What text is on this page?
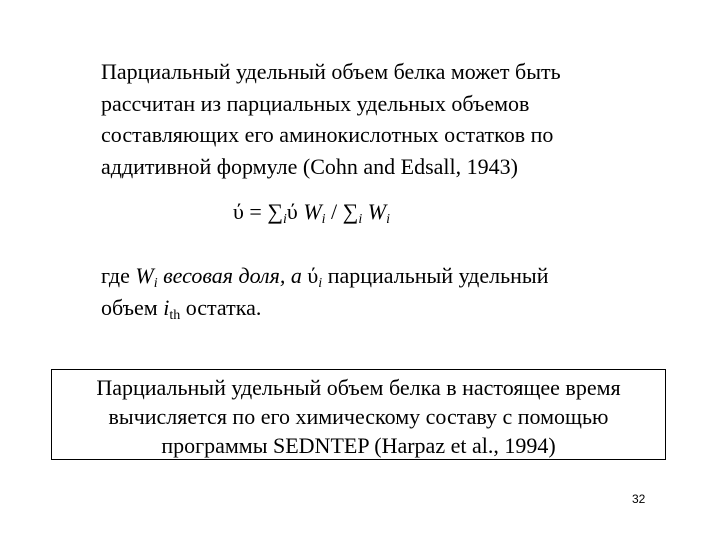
Парциальный удельный объем белка может быть
рассчитан из парциальных удельных объемов
составляющих его аминокислотных остатков по
аддитивной формуле (Cohn and Edsall, 1943)
$ύ = \sum_iύ$ $W_i / \sum_i$ $W_i$
где $W_i$ весовая доля, а $ύ_i$ парциальный удельный
объем $i_{th}$ остатка.
Парциальный удельный объем белка в настоящее время
вычисляется по его химическому составу с помощью
программы SEDNTEP (Harpaz et al., 1994)
32
